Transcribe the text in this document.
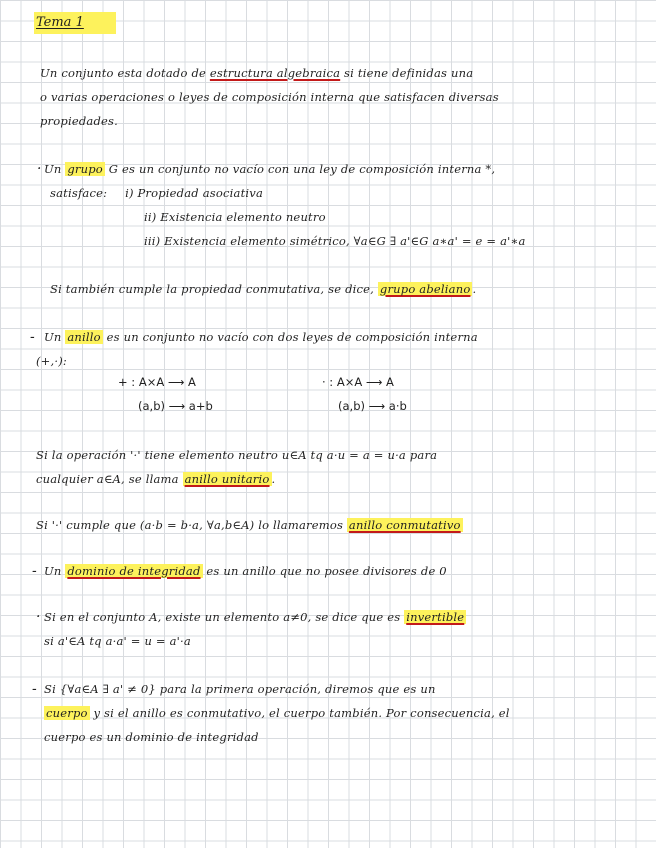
Tema 1
Un conjunto esta dotado de estructura algebraica si tiene definidas una
o varias operaciones o leyes de composición interna que satisfacen diversas
propiedades.
· Un grupo G es un conjunto no vacío con una ley de composición interna *,
satisface: i) Propiedad asociativa
ii) Existencia elemento neutro
iii) Existencia elemento simétrico, ∀a∈G ∃ a'∈G a∗a' = e = a'∗a
Si también cumple la propiedad conmutativa, se dice, grupo abeliano .
- Un anillo es un conjunto no vacío con dos leyes de composición interna
(+,·):
+ : A×A ⟶ A
(a,b) ⟶ a+b
· : A×A ⟶ A
(a,b) ⟶ a·b
Si la operación '·' tiene elemento neutro u∈A tq a·u = a = u·a para
cualquier a∈A, se llama anillo unitario .
Si '·' cumple que (a·b = b·a, ∀a,b∈A) lo llamaremos anillo conmutativo
- Un dominio de integridad es un anillo que no posee divisores de 0
· Si en el conjunto A, existe un elemento a≠0, se dice que es invertible
si a'∈A tq a·a' = u = a'·a
- Si {∀a∈A ∃ a' ≠ 0} para la primera operación, diremos que es un
cuerpo y si el anillo es conmutativo, el cuerpo también. Por consecuencia, el
cuerpo es un dominio de integridad
